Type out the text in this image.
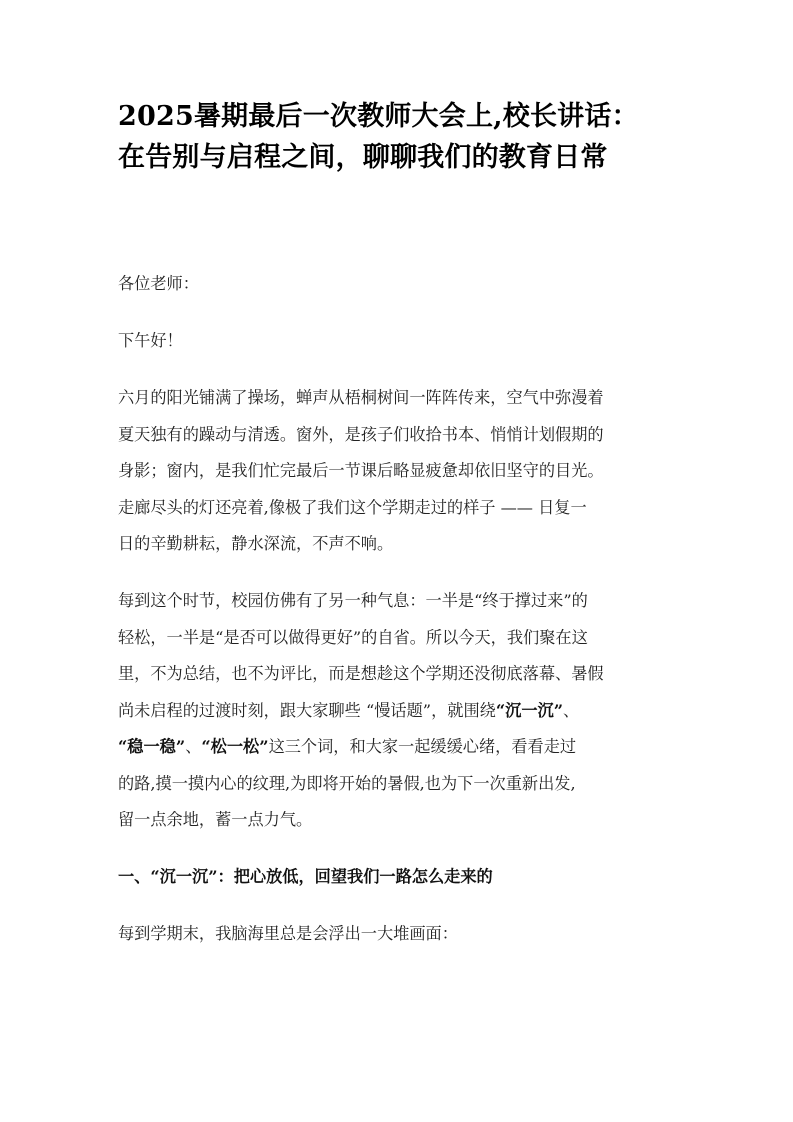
2025暑期最后一次教师大会上,校长讲话：
在告别与启程之间，聊聊我们的教育日常

各位老师：

下午好！

六月的阳光铺满了操场，蝉声从梧桐树间一阵阵传来，空气中弥漫着
夏天独有的躁动与清透。窗外，是孩子们收拾书本、悄悄计划假期的
身影；窗内，是我们忙完最后一节课后略显疲惫却依旧坚守的目光。
走廊尽头的灯还亮着,像极了我们这个学期走过的样子 —— 日复一
日的辛勤耕耘，静水深流，不声不响。

每到这个时节，校园仿佛有了另一种气息：一半是“终于撑过来”的
轻松，一半是“是否可以做得更好”的自省。所以今天，我们聚在这
里，不为总结，也不为评比，而是想趁这个学期还没彻底落幕、暑假
尚未启程的过渡时刻，跟大家聊些 “慢话题”，就围绕“沉一沉”、
“稳一稳”、“松一松”这三个词，和大家一起缓缓心绪，看看走过
的路,摸一摸内心的纹理,为即将开始的暑假,也为下一次重新出发,
留一点余地，蓄一点力气。

一、“沉一沉”：把心放低，回望我们一路怎么走来的

每到学期末，我脑海里总是会浮出一大堆画面：
